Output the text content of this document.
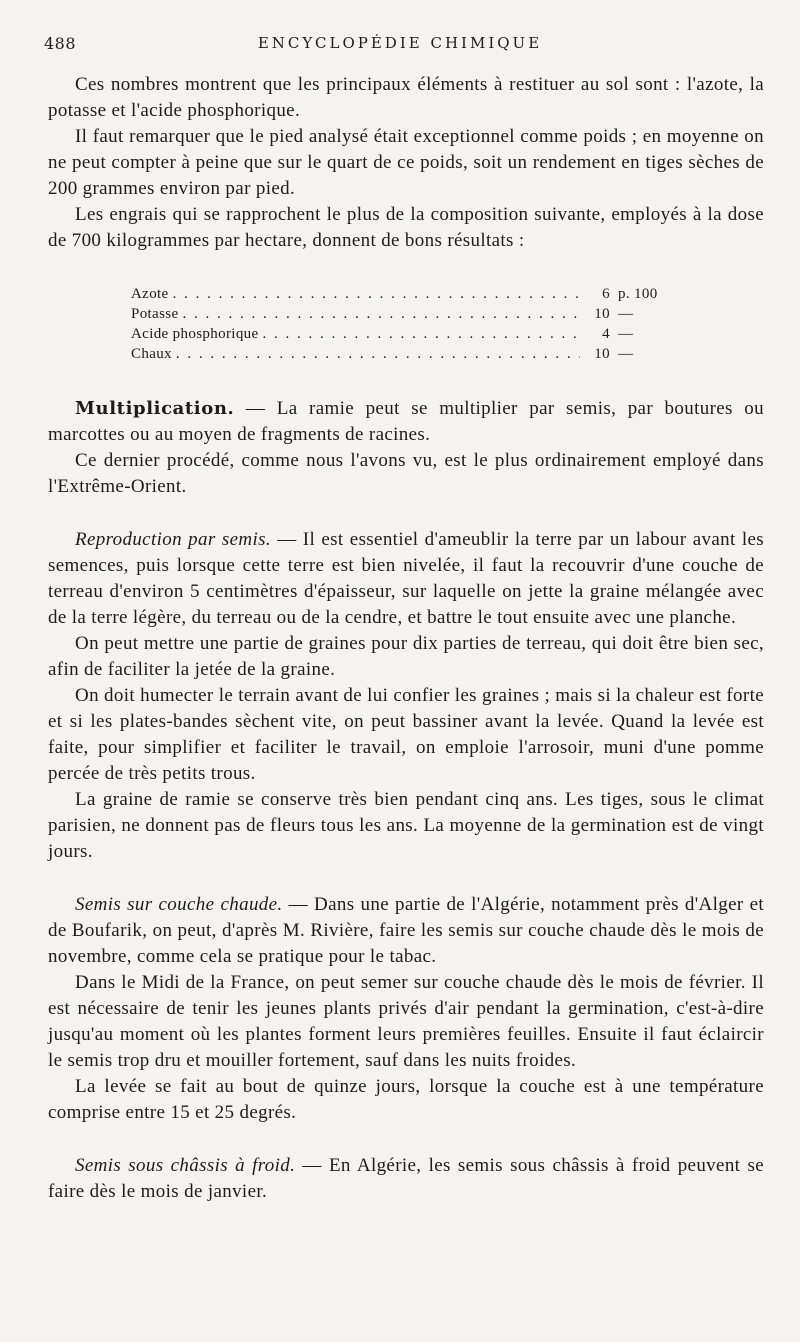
488	ENCYCLOPÉDIE CHIMIQUE

Ces nombres montrent que les principaux éléments à restituer au sol sont : l'azote, la potasse et l'acide phosphorique.

Il faut remarquer que le pied analysé était exceptionnel comme poids ; en moyenne on ne peut compter à peine que sur le quart de ce poids, soit un rendement en tiges sèches de 200 grammes environ par pied.

Les engrais qui se rapprochent le plus de la composition suivante, employés à la dose de 700 kilogrammes par hectare, donnent de bons résultats :

Azote . . .	6 p. 100
Potasse . . .	10 —
Acide phosphorique . . .	4 —
Chaux . . .	10 —

Multiplication. — La ramie peut se multiplier par semis, par boutures ou marcottes ou au moyen de fragments de racines.

Ce dernier procédé, comme nous l'avons vu, est le plus ordinairement employé dans l'Extrême-Orient.

Reproduction par semis. — Il est essentiel d'ameublir la terre par un labour avant les semences, puis lorsque cette terre est bien nivelée, il faut la recouvrir d'une couche de terreau d'environ 5 centimètres d'épaisseur, sur laquelle on jette la graine mélangée avec de la terre légère, du terreau ou de la cendre, et battre le tout ensuite avec une planche.

On peut mettre une partie de graines pour dix parties de terreau, qui doit être bien sec, afin de faciliter la jetée de la graine.

On doit humecter le terrain avant de lui confier les graines ; mais si la chaleur est forte et si les plates-bandes sèchent vite, on peut bassiner avant la levée. Quand la levée est faite, pour simplifier et faciliter le travail, on emploie l'arrosoir, muni d'une pomme percée de très petits trous.

La graine de ramie se conserve très bien pendant cinq ans. Les tiges, sous le climat parisien, ne donnent pas de fleurs tous les ans. La moyenne de la germination est de vingt jours.

Semis sur couche chaude. — Dans une partie de l'Algérie, notamment près d'Alger et de Boufarik, on peut, d'après M. Rivière, faire les semis sur couche chaude dès le mois de novembre, comme cela se pratique pour le tabac.

Dans le Midi de la France, on peut semer sur couche chaude dès le mois de février. Il est nécessaire de tenir les jeunes plants privés d'air pendant la germination, c'est-à-dire jusqu'au moment où les plantes forment leurs premières feuilles. Ensuite il faut éclaircir le semis trop dru et mouiller fortement, sauf dans les nuits froides.

La levée se fait au bout de quinze jours, lorsque la couche est à une température comprise entre 15 et 25 degrés.

Semis sous châssis à froid. — En Algérie, les semis sous châssis à froid peuvent se faire dès le mois de janvier.
